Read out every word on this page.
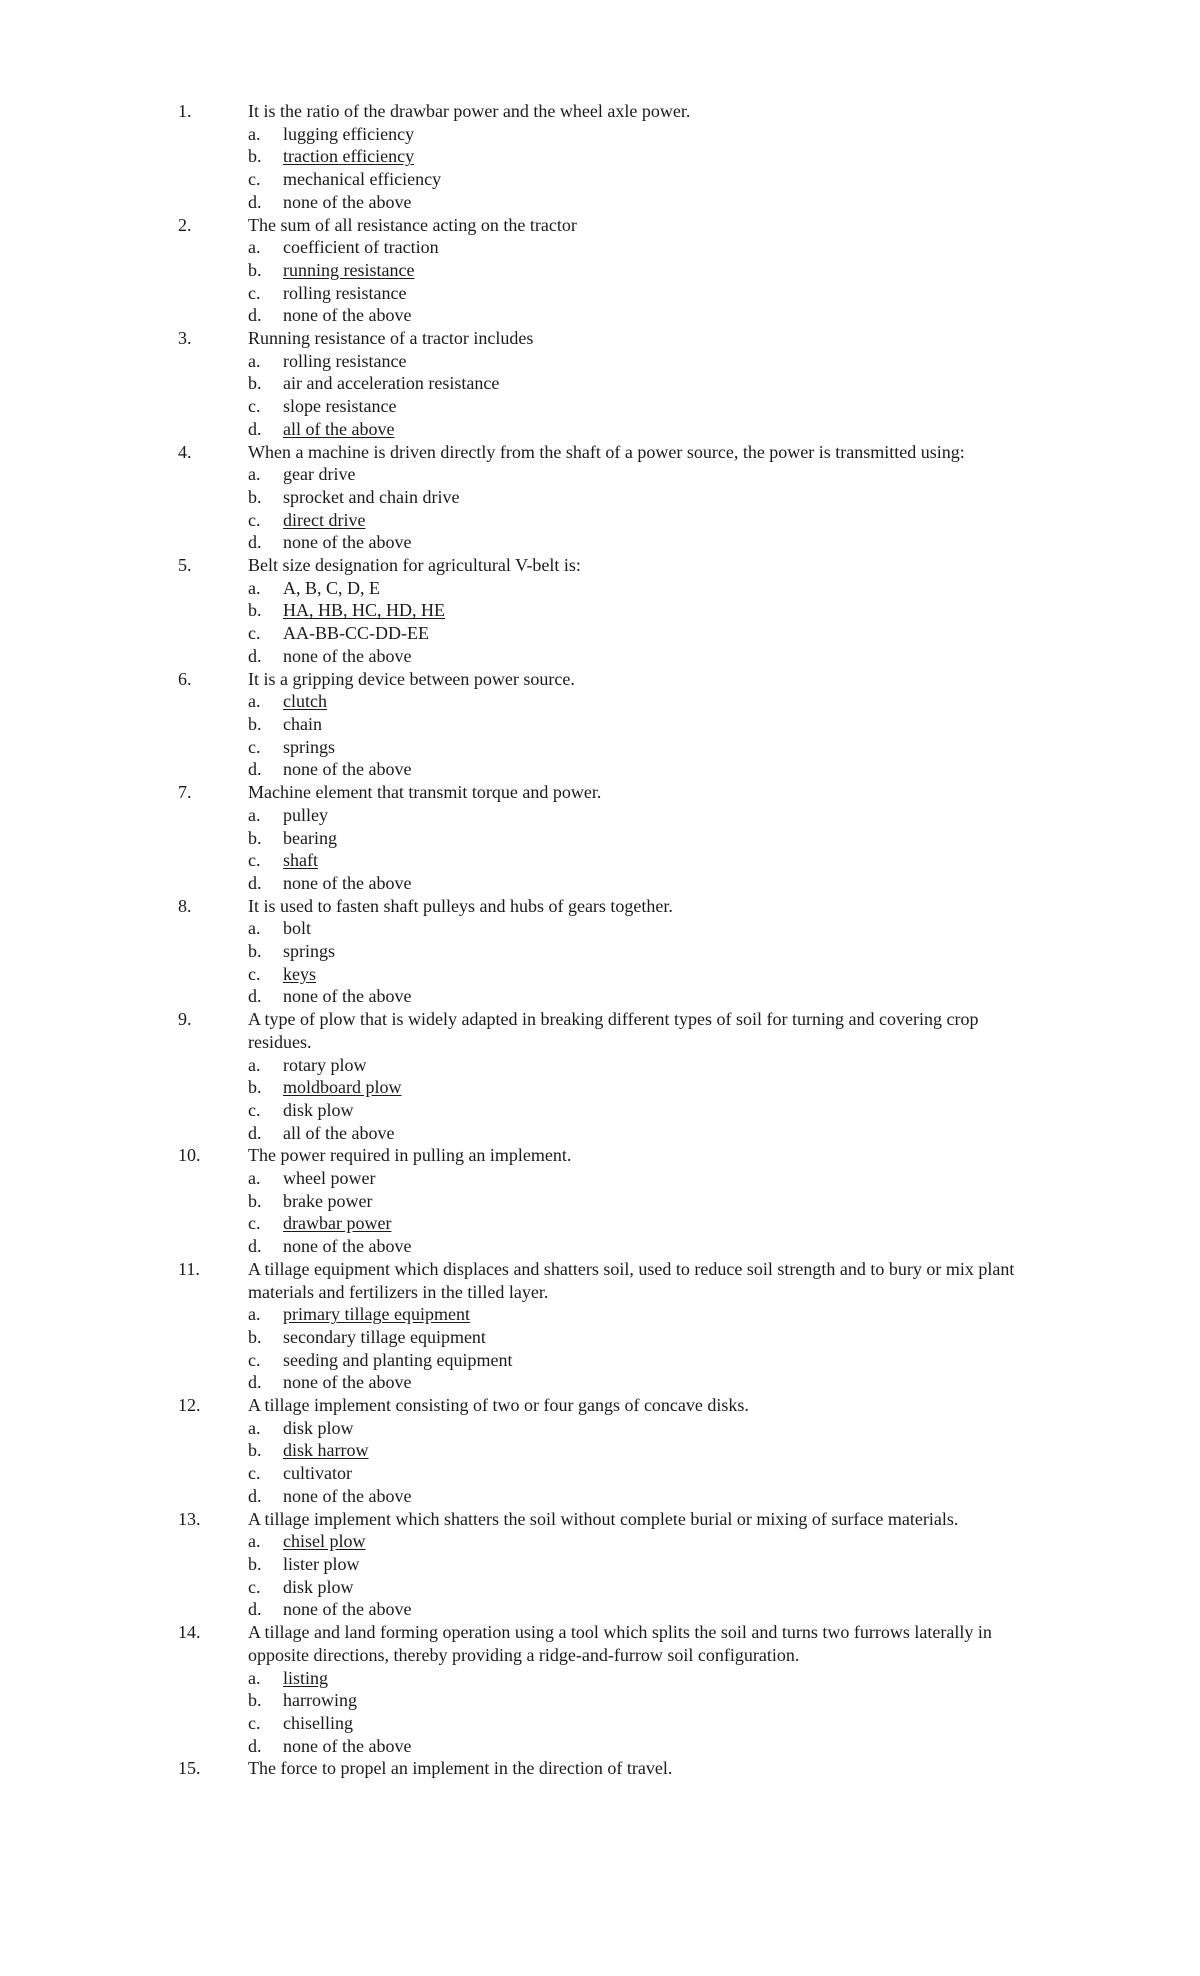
1.	It is the ratio of the drawbar power and the wheel axle power.

a.	lugging efficiency
b.	traction efficiency
c.	mechanical efficiency
d.	none of the above
2.	The sum of all resistance acting on the tractor

a.	coefficient of traction
b.	running resistance
c.	rolling resistance
d.	none of the above
3.	Running resistance of a tractor includes

a.	rolling resistance
b.	air and acceleration resistance
c.	slope resistance
d.	all of the above
4.	When a machine is driven directly from the shaft of a power source, the power is transmitted using:

a.	gear drive
b.	sprocket and chain drive
c.	direct drive
d.	none of the above
5.	Belt size designation for agricultural V-belt is:

a.	A, B, C, D, E
b.	HA, HB, HC, HD, HE
c.	AA-BB-CC-DD-EE
d.	none of the above
6.	It is a gripping device between power source.

a.	clutch
b.	chain
c.	springs
d.	none of the above
7.	Machine element that transmit torque and power.

a.	pulley
b.	bearing
c.	shaft
d.	none of the above
8.	It is used to fasten shaft pulleys and hubs of gears together.

a.	bolt
b.	springs
c.	keys
d.	none of the above
9.	A type of plow that is widely adapted in breaking different types of soil for turning and covering crop residues.

a.	rotary plow
b.	moldboard plow
c.	disk plow
d.	all of the above
10.	The power required in pulling an implement.

a.	wheel power
b.	brake power
c.	drawbar power
d.	none of the above
11.	A tillage equipment which displaces and shatters soil, used to reduce soil strength and to bury or mix plant materials and fertilizers in the tilled layer.

a.	primary tillage equipment
b.	secondary tillage equipment
c.	seeding and planting equipment
d.	none of the above
12.	A tillage implement consisting of two or four gangs of concave disks.

a.	disk plow
b.	disk harrow
c.	cultivator
d.	none of the above
13.	A tillage implement which shatters the soil without complete burial or mixing of surface materials.

a.	chisel plow
b.	lister plow
c.	disk plow
d.	none of the above
14.	A tillage and land forming operation using a tool which splits the soil and turns two furrows laterally in opposite directions, thereby providing a ridge-and-furrow soil configuration.

a.	listing
b.	harrowing
c.	chiselling
d.	none of the above
15.	The force to propel an implement in the direction of travel.
